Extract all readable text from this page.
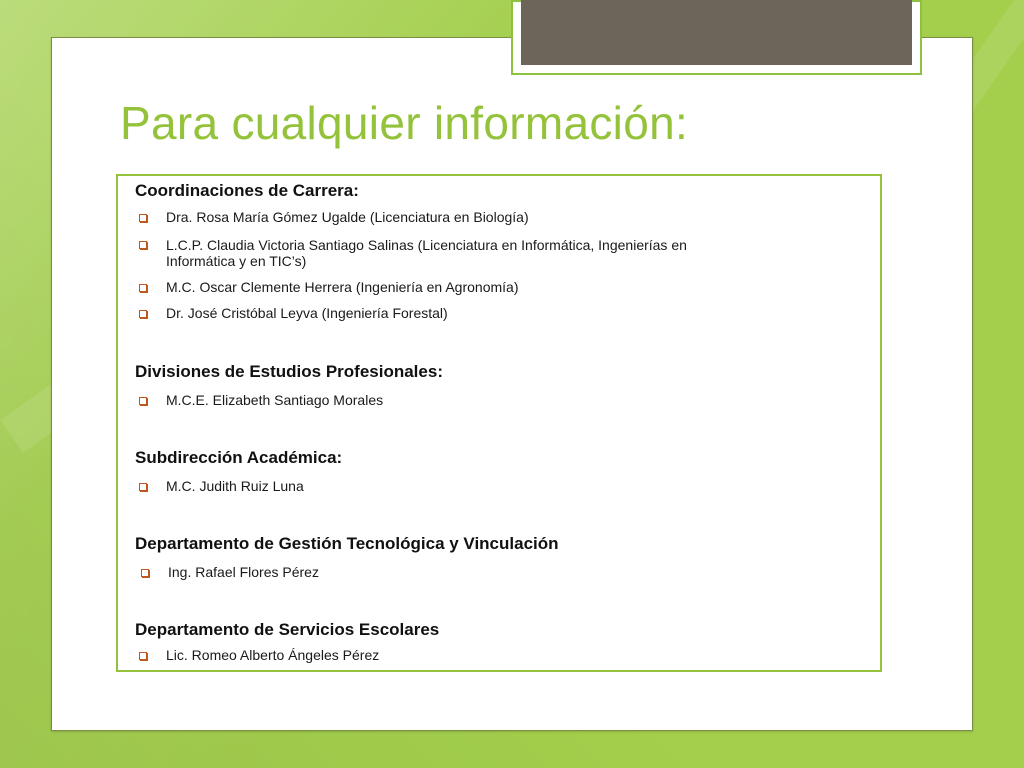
Para cualquier información:
Coordinaciones de Carrera:
Dra. Rosa María Gómez Ugalde (Licenciatura en Biología)
L.C.P. Claudia Victoria Santiago Salinas (Licenciatura en Informática, Ingenierías en
Informática y en TIC’s)
M.C. Oscar Clemente Herrera (Ingeniería en Agronomía)
Dr. José Cristóbal Leyva (Ingeniería Forestal)
Divisiones de Estudios Profesionales:
M.C.E. Elizabeth Santiago Morales
Subdirección Académica:
M.C. Judith Ruiz Luna
Departamento de Gestión Tecnológica y Vinculación
Ing. Rafael Flores Pérez
Departamento de Servicios Escolares
Lic. Romeo Alberto Ángeles Pérez
